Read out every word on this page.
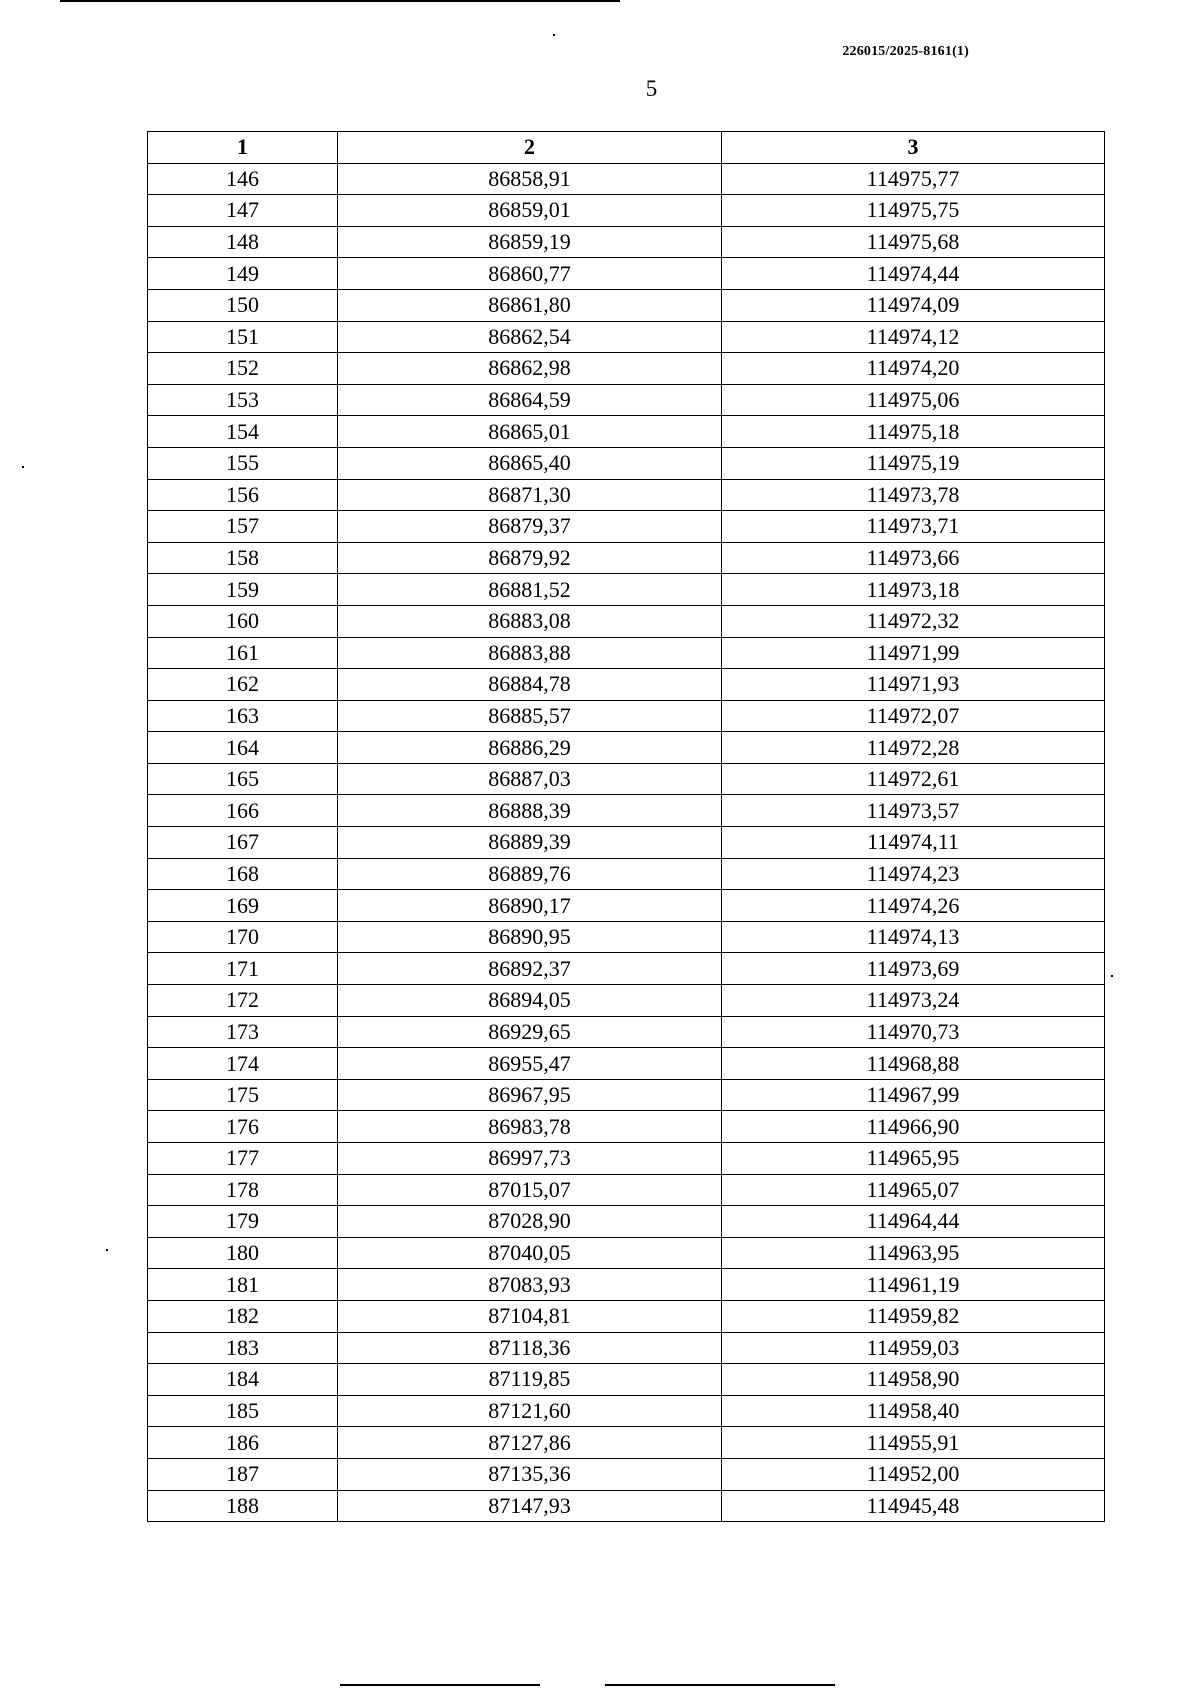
226015/2025-8161(1)
5
1	2	3
146	86858,91	114975,77
147	86859,01	114975,75
148	86859,19	114975,68
149	86860,77	114974,44
150	86861,80	114974,09
151	86862,54	114974,12
152	86862,98	114974,20
153	86864,59	114975,06
154	86865,01	114975,18
155	86865,40	114975,19
156	86871,30	114973,78
157	86879,37	114973,71
158	86879,92	114973,66
159	86881,52	114973,18
160	86883,08	114972,32
161	86883,88	114971,99
162	86884,78	114971,93
163	86885,57	114972,07
164	86886,29	114972,28
165	86887,03	114972,61
166	86888,39	114973,57
167	86889,39	114974,11
168	86889,76	114974,23
169	86890,17	114974,26
170	86890,95	114974,13
171	86892,37	114973,69
172	86894,05	114973,24
173	86929,65	114970,73
174	86955,47	114968,88
175	86967,95	114967,99
176	86983,78	114966,90
177	86997,73	114965,95
178	87015,07	114965,07
179	87028,90	114964,44
180	87040,05	114963,95
181	87083,93	114961,19
182	87104,81	114959,82
183	87118,36	114959,03
184	87119,85	114958,90
185	87121,60	114958,40
186	87127,86	114955,91
187	87135,36	114952,00
188	87147,93	114945,48
